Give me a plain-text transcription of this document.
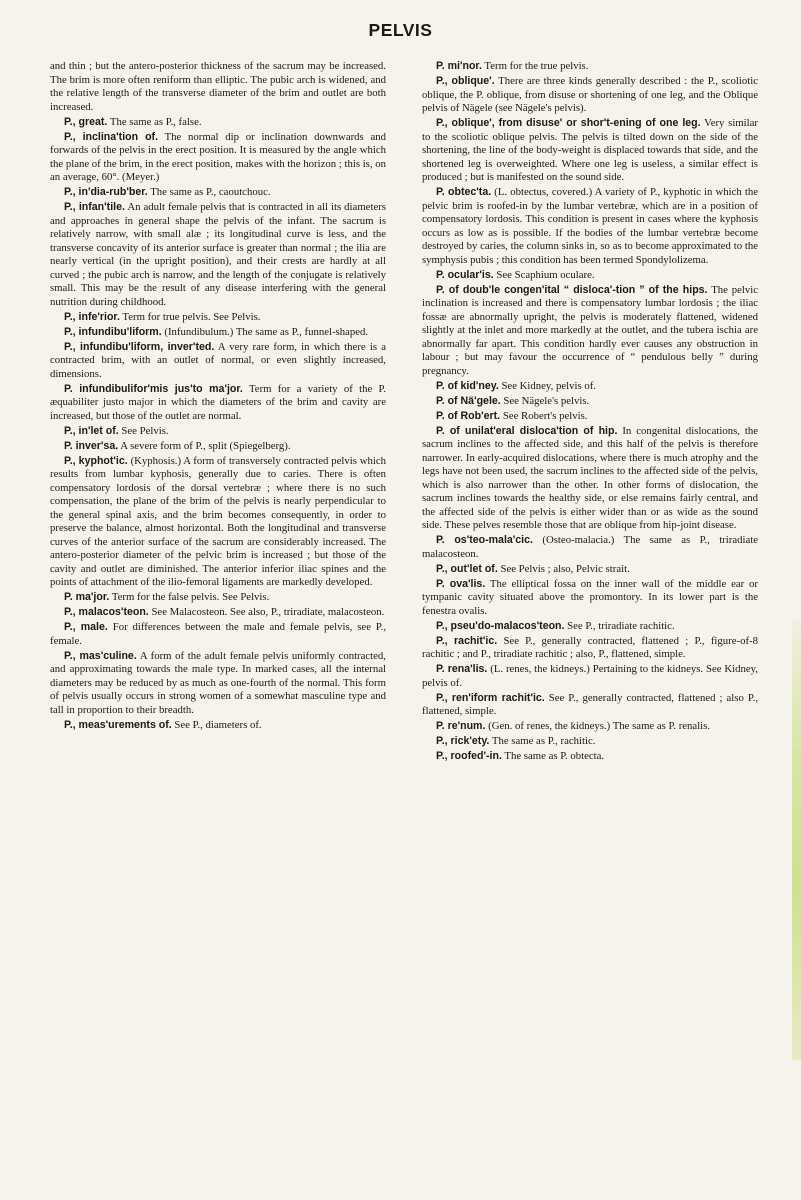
PELVIS

and thin ; but the antero-posterior thickness of the sacrum may be increased. The brim is more often reniform than elliptic. The pubic arch is widened, and the relative length of the transverse diameter of the brim and outlet are both increased.

P., great. The same as P., false.

P., inclina'tion of. The normal dip or inclination downwards and forwards of the pelvis in the erect position. It is measured by the angle which the plane of the brim, in the erect position, makes with the horizon ; this is, on an average, 60°. (Meyer.)

P., in'dia-rub'ber. The same as P., caoutchouc.

P., infan'tile. An adult female pelvis that is contracted in all its diameters and approaches in general shape the pelvis of the infant. The sacrum is relatively narrow, with small alæ ; its longitudinal curve is less, and the transverse concavity of its anterior surface is greater than normal ; the ilia are nearly vertical (in the upright position), and their crests are hardly at all curved ; the pubic arch is narrow, and the length of the conjugate is relatively small. This may be the result of any disease interfering with the general nutrition during childhood.

P., infe'rior. Term for true pelvis. See Pelvis.

P., infundibu'liform. (Infundibulum.) The same as P., funnel-shaped.

P., infundibu'liform, inver'ted. A very rare form, in which there is a contracted brim, with an outlet of normal, or even slightly increased, dimensions.

P. infundibulifor'mis jus'to ma'jor. Term for a variety of the P. æquabiliter justo major in which the diameters of the brim and cavity are increased, but those of the outlet are normal.

P., in'let of. See Pelvis.

P. inver'sa. A severe form of P., split (Spiegelberg).

P., kyphot'ic. (Kyphosis.) A form of transversely contracted pelvis which results from lumbar kyphosis, generally due to caries. There is often compensatory lordosis of the dorsal vertebræ ; where there is no such compensation, the plane of the brim of the pelvis is nearly perpendicular to the general spinal axis, and the brim becomes consequently, in order to preserve the balance, almost horizontal. Both the longitudinal and transverse curves of the anterior surface of the sacrum are considerably increased. The antero-posterior diameter of the pelvic brim is increased ; but those of the cavity and outlet are diminished. The anterior inferior iliac spines and the points of attachment of the ilio-femoral ligaments are markedly developed.

P. ma'jor. Term for the false pelvis. See Pelvis.

P., malacos'teon. See Malacosteon. See also, P., triradiate, malacosteon.

P., male. For differences between the male and female pelvis, see P., female.

P., mas'culine. A form of the adult female pelvis uniformly contracted, and approximating towards the male type. In marked cases, all the internal diameters may be reduced by as much as one-fourth of the normal. This form of pelvis usually occurs in strong women of a somewhat masculine type and tall in proportion to their breadth.

P., meas'urements of. See P., diameters of.

P. mi'nor. Term for the true pelvis.

P., oblique'. There are three kinds generally described : the P., scoliotic oblique, the P. oblique, from disuse or shortening of one leg, and the Oblique pelvis of Nägele (see Nägele's pelvis).

P., oblique', from disuse' or shor't-ening of one leg. Very similar to the scoliotic oblique pelvis. The pelvis is tilted down on the side of the shortening, the line of the body-weight is displaced towards that side, and the shortened leg is overweighted. Where one leg is useless, a similar effect is produced ; but is manifested on the sound side.

P. obtec'ta. (L. obtectus, covered.) A variety of P., kyphotic in which the pelvic brim is roofed-in by the lumbar vertebræ, which are in a position of compensatory lordosis. This condition is present in cases where the kyphosis occurs as low as is possible. If the bodies of the lumbar vertebræ become destroyed by caries, the column sinks in, so as to become approximated to the symphysis pubis ; this condition has been termed Spondylolizema.

P. ocular'is. See Scaphium oculare.

P. of doub'le congen'ital “ disloca'-tion ” of the hips. The pelvic inclination is increased and there is compensatory lumbar lordosis ; the iliac fossæ are abnormally upright, the pelvis is moderately flattened, widened slightly at the inlet and more markedly at the outlet, and the tubera ischia are abnormally far apart. This condition hardly ever causes any obstruction in labour ; but may favour the occurrence of “ pendulous belly ” during pregnancy.

P. of kid'ney. See Kidney, pelvis of.

P. of Nä'gele. See Nägele's pelvis.

P. of Rob'ert. See Robert's pelvis.

P. of unilat'eral disloca'tion of hip. In congenital dislocations, the sacrum inclines to the affected side, and this half of the pelvis is therefore narrower. In early-acquired dislocations, where there is much atrophy and the legs have not been used, the sacrum inclines to the affected side of the pelvis, which is also narrower than the other. In other forms of dislocation, the sacrum inclines towards the healthy side, or else remains fairly central, and the affected side of the pelvis is either wider than or as wide as the sound side. These pelves resemble those that are oblique from hip-joint disease.

P. os'teo-mala'cic. (Osteo-malacia.) The same as P., triradiate malacosteon.

P., out'let of. See Pelvis ; also, Pelvic strait.

P. ova'lis. The elliptical fossa on the inner wall of the middle ear or tympanic cavity situated above the promontory. In its lower part is the fenestra ovalis.

P., pseu'do-malacos'teon. See P., triradiate rachitic.

P., rachit'ic. See P., generally contracted, flattened ; P., figure-of-8 rachitic ; and P., triradiate rachitic ; also, P., flattened, simple.

P. rena'lis. (L. renes, the kidneys.) Pertaining to the kidneys. See Kidney, pelvis of.

P., ren'iform rachit'ic. See P., generally contracted, flattened ; also P., flattened, simple.

P. re'num. (Gen. of renes, the kidneys.) The same as P. renalis.

P., rick'ety. The same as P., rachitic.

P., roofed'-in. The same as P. obtecta.
